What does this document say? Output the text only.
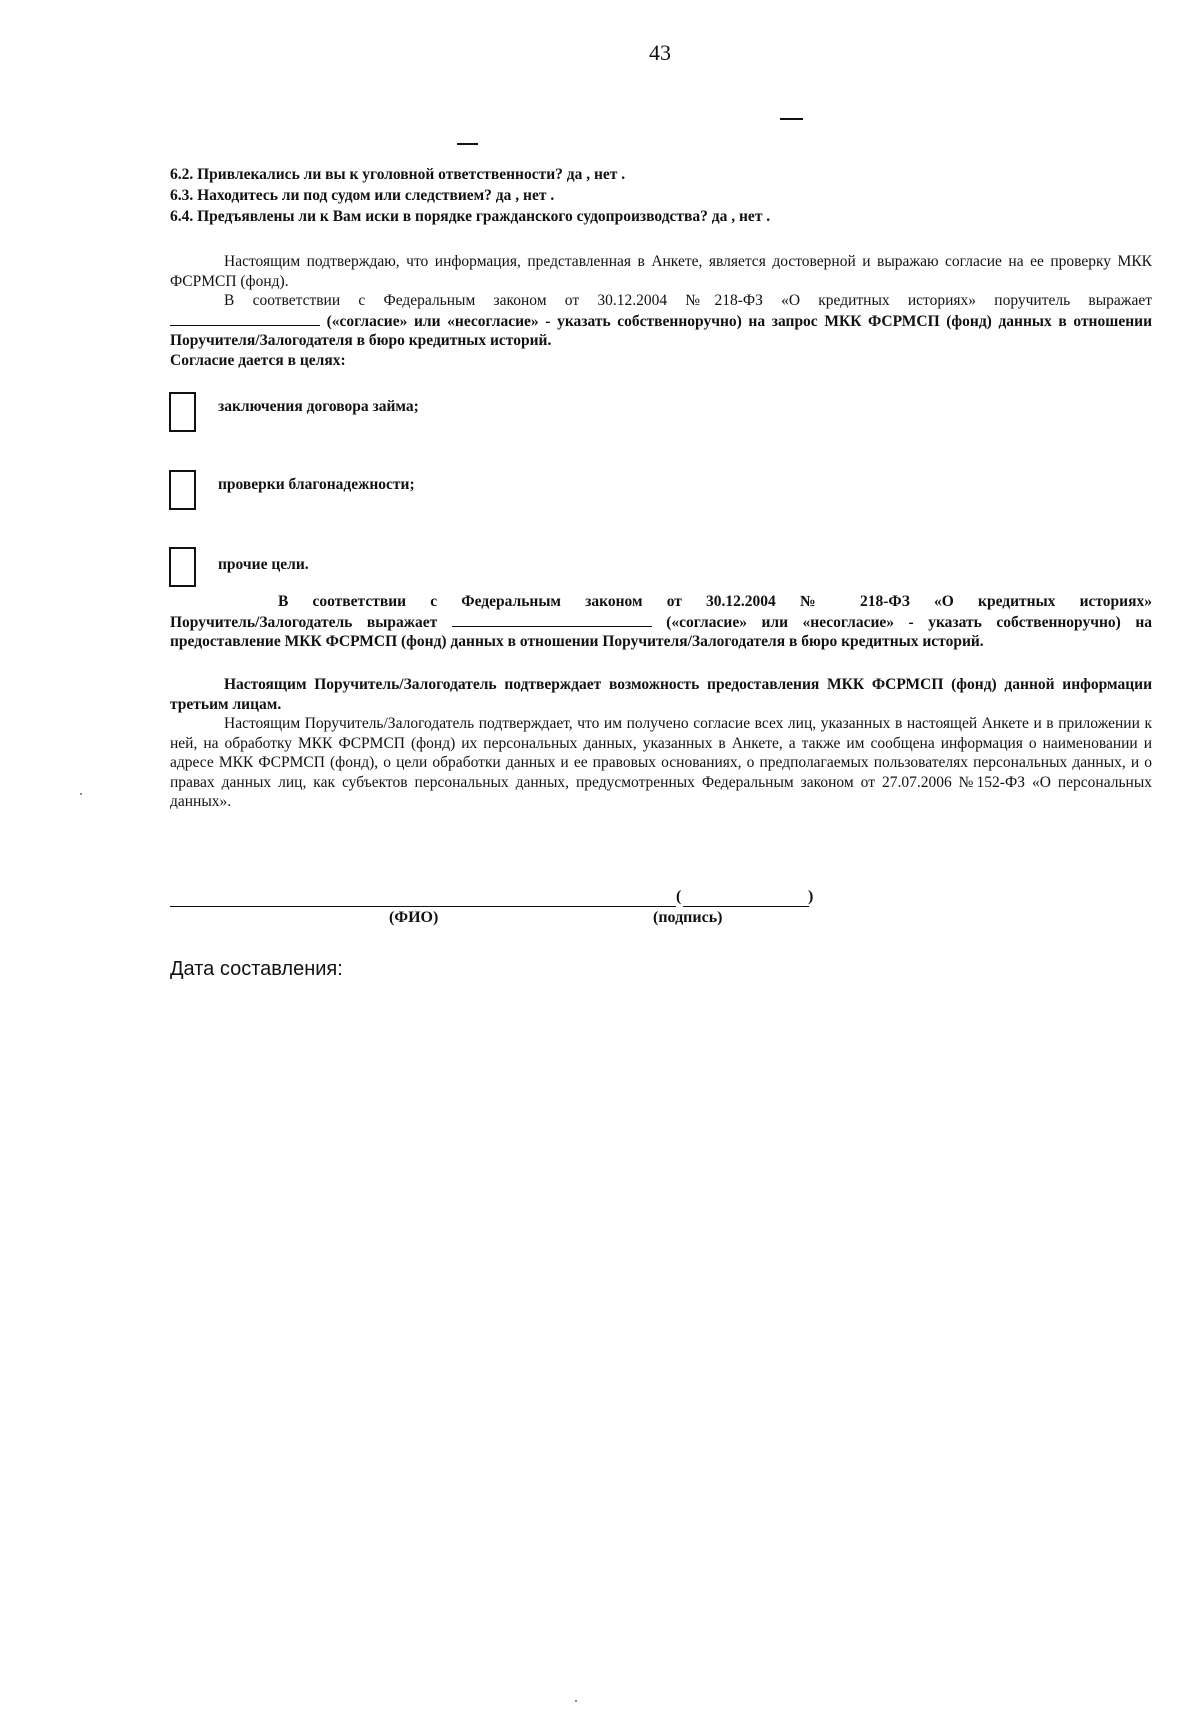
43
6.2. Привлекались ли вы к уголовной ответственности? да , нет .
6.3. Находитесь ли под судом или следствием? да , нет .
6.4. Предъявлены ли к Вам иски в порядке гражданского судопроизводства? да , нет .

Настоящим подтверждаю, что информация, представленная в Анкете, является достоверной и выражаю согласие на ее проверку МКК ФСРМСП (фонд).

В соответствии с Федеральным законом от 30.12.2004 №218-ФЗ «О кредитных историях» поручитель выражает

(«согласие» или «несогласие» - указать собственноручно) на запрос МКК ФСРМСП (фонд) данных в отношении Поручителя/Залогодателя в бюро кредитных историй.

Согласие дается в целях:

заключения договора займа;
проверки благонадежности;
прочие цели.

В соответствии с Федеральным законом от 30.12.2004 № 218-ФЗ «О кредитных историях»

Поручитель/Залогодатель выражает	(«согласие» или «несогласие» - указать собственноручно) на предоставление МКК ФСРМСП (фонд) данных в отношении Поручителя/Залогодателя в бюро кредитных историй.

Настоящим Поручитель/Залогодатель подтверждает возможность предоставления МКК ФСРМСП (фонд) данной информации третьим лицам.

Настоящим Поручитель/Залогодатель подтверждает, что им получено согласие всех лиц, указанных в настоящей Анкете и в приложении к ней, на обработку МКК ФСРМСП (фонд) их персональных данных, указанных в Анкете, а также им сообщена информация о наименовании и адресе МКК ФСРМСП (фонд), о цели обработки данных и ее правовых основаниях, о предполагаемых пользователях персональных данных, и о правах данных лиц, как субъектов персональных данных, предусмотренных Федеральным законом от 27.07.2006 №152-ФЗ «О персональных данных».

(	)
(ФИО)	(подпись)
Дата составления:
